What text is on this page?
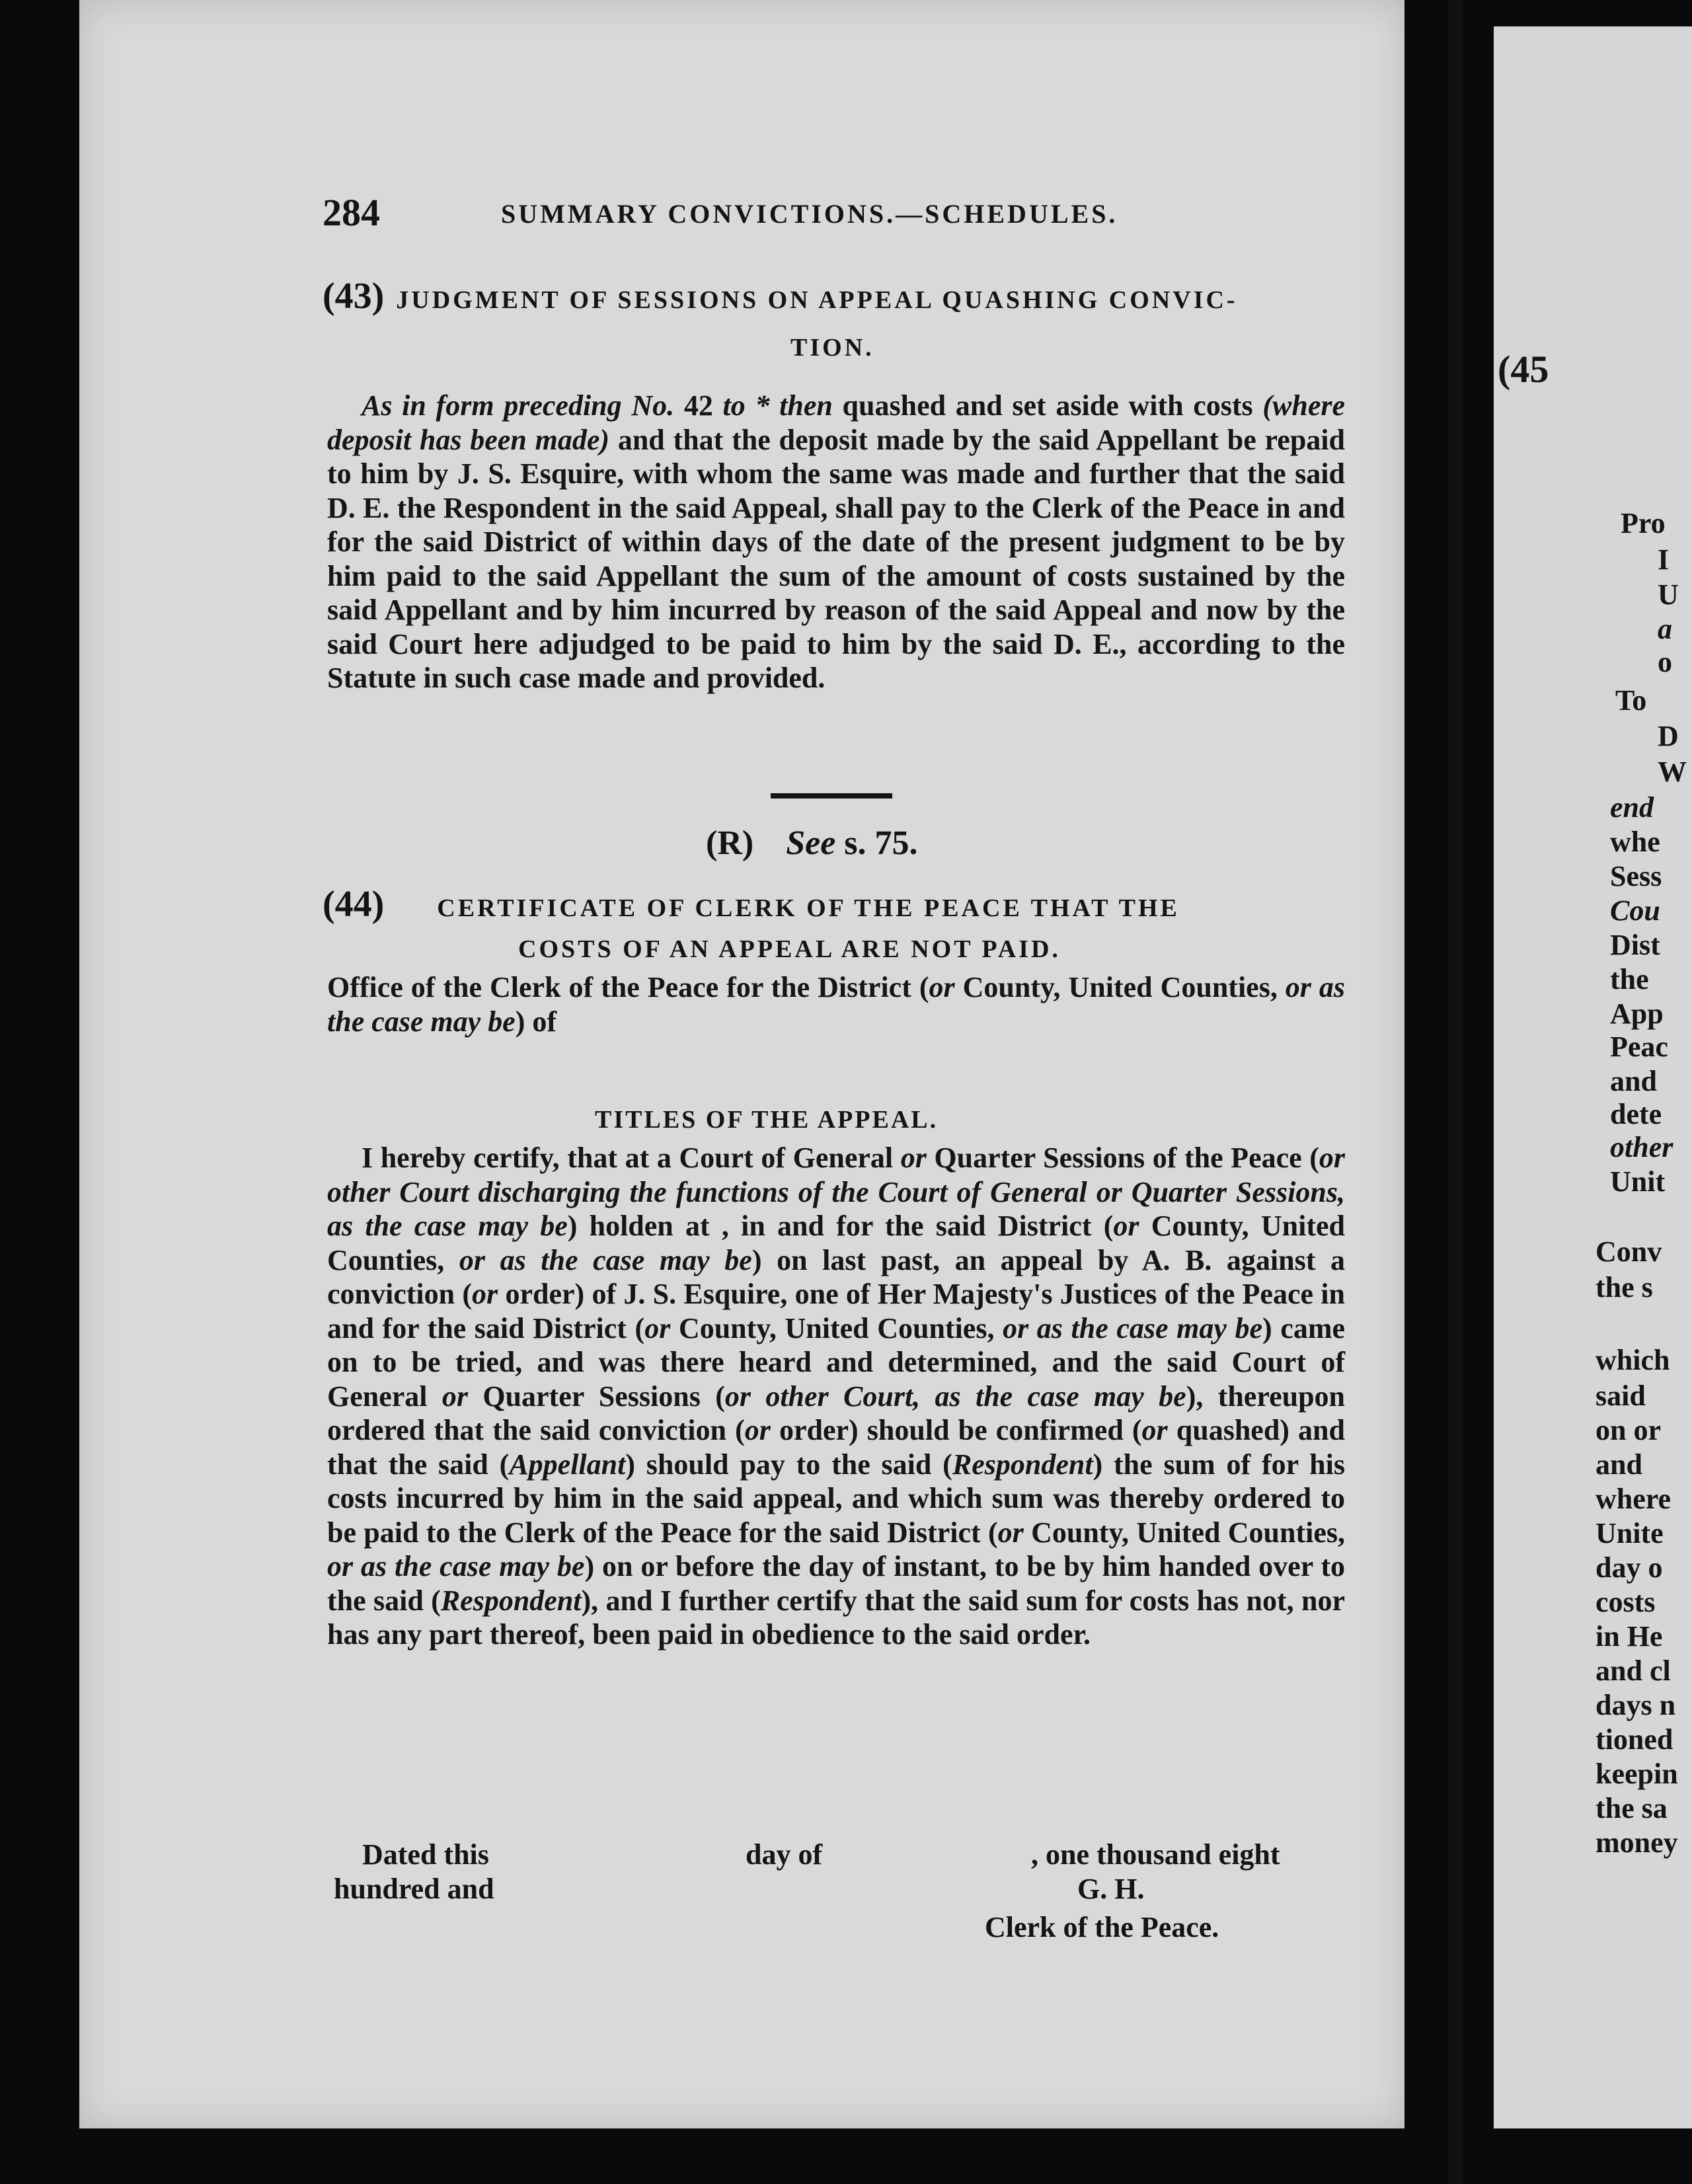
284	SUMMARY CONVICTIONS.—SCHEDULES.
(43) JUDGMENT OF SESSIONS ON APPEAL QUASHING CONVIC-
TION.
As in form preceding No. 42 to * then quashed and set aside with costs (where deposit has been made) and that the deposit made by the said Appellant be repaid to him by J. S. Esquire, with whom the same was made and further that the said D. E. the Respondent in the said Appeal, shall pay to the Clerk of the Peace in and for the said District of within days of the date of the present judgment to be by him paid to the said Appellant the sum of the amount of costs sustained by the said Appellant and by him incurred by reason of the said Appeal and now by the said Court here adjudged to be paid to him by the said D. E., according to the Statute in such case made and provided.
(R) See s. 75.
(44) CERTIFICATE OF CLERK OF THE PEACE THAT THE
COSTS OF AN APPEAL ARE NOT PAID.
Office of the Clerk of the Peace for the District (or County, United Counties, or as the case may be) of
TITLES OF THE APPEAL.
I hereby certify, that at a Court of General or Quarter Sessions of the Peace (or other Court discharging the functions of the Court of General or Quarter Sessions, as the case may be) holden at , in and for the said District (or County, United Counties, or as the case may be) on last past, an appeal by A. B. against a conviction (or order) of J. S. Esquire, one of Her Majesty's Justices of the Peace in and for the said District (or County, United Counties, or as the case may be) came on to be tried, and was there heard and determined, and the said Court of General or Quarter Sessions (or other Court, as the case may be), thereupon ordered that the said conviction (or order) should be confirmed (or quashed) and that the said (Appellant) should pay to the said (Respondent) the sum of for his costs incurred by him in the said appeal, and which sum was thereby ordered to be paid to the Clerk of the Peace for the said District (or County, United Counties, or as the case may be) on or before the day of instant, to be by him handed over to the said (Respondent), and I further certify that the said sum for costs has not, nor has any part thereof, been paid in obedience to the said order.
Dated this	day of	, one thousand eight
hundred and	G. H.
Clerk of the Peace.
(45
Pro
I
U
a
o
To
D
W
end
whe
Sess
Cou
Dist
the
App
Peac
and
dete
other
Unit
Conv
the s
which
said
on or
and
where
Unite
day o
costs
in He
and cl
days n
tioned
keepin
the sa
money
